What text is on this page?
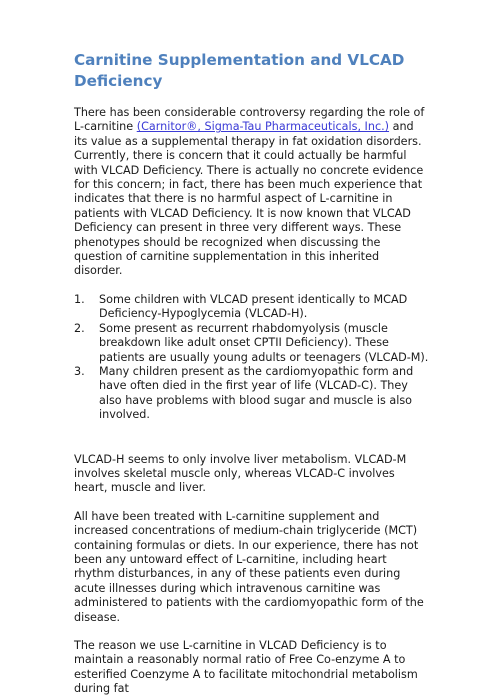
Carnitine Supplementation and VLCAD Deficiency

There has been considerable controversy regarding the role of L-carnitine (Carnitor®, Sigma-Tau Pharmaceuticals, Inc.) and its value as a supplemental therapy in fat oxidation disorders. Currently, there is concern that it could actually be harmful with VLCAD Deficiency. There is actually no concrete evidence for this concern; in fact, there has been much experience that indicates that there is no harmful aspect of L-carnitine in patients with VLCAD Deficiency. It is now known that VLCAD Deficiency can present in three very different ways. These phenotypes should be recognized when discussing the question of carnitine supplementation in this inherited disorder.

1. Some children with VLCAD present identically to MCAD Deficiency-Hypoglycemia (VLCAD-H).
2. Some present as recurrent rhabdomyolysis (muscle breakdown like adult onset CPTII Deficiency). These patients are usually young adults or teenagers (VLCAD-M).
3. Many children present as the cardiomyopathic form and have often died in the first year of life (VLCAD-C). They also have problems with blood sugar and muscle is also involved.

VLCAD-H seems to only involve liver metabolism. VLCAD-M involves skeletal muscle only, whereas VLCAD-C involves heart, muscle and liver.

All have been treated with L-carnitine supplement and increased concentrations of medium-chain triglyceride (MCT) containing formulas or diets. In our experience, there has not been any untoward effect of L-carnitine, including heart rhythm disturbances, in any of these patients even during acute illnesses during which intravenous carnitine was administered to patients with the cardiomyopathic form of the disease.

The reason we use L-carnitine in VLCAD Deficiency is to maintain a reasonably normal ratio of Free Co-enzyme A to esterified Coenzyme A to facilitate mitochondrial metabolism during fat
